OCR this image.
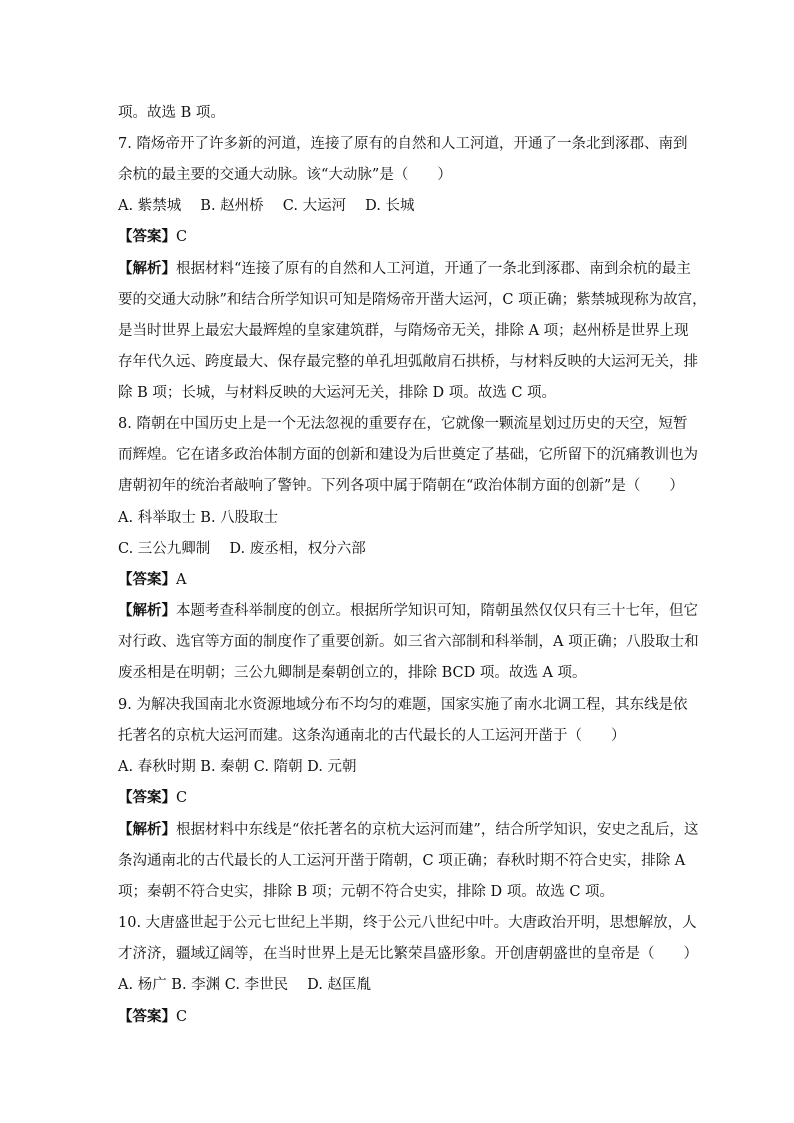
项。故选 B 项。
7. 隋炀帝开了许多新的河道，连接了原有的自然和人工河道，开通了一条北到涿郡、南到
余杭的最主要的交通大动脉。该“大动脉”是（　　）
A. 紫禁城　 B. 赵州桥　 C. 大运河　 D. 长城
【答案】C
【解析】根据材料“连接了原有的自然和人工河道，开通了一条北到涿郡、南到余杭的最主
要的交通大动脉”和结合所学知识可知是隋炀帝开凿大运河，C 项正确；紫禁城现称为故宫，
是当时世界上最宏大最辉煌的皇家建筑群，与隋炀帝无关，排除 A 项；赵州桥是世界上现
存年代久远、跨度最大、保存最完整的单孔坦弧敞肩石拱桥，与材料反映的大运河无关，排
除 B 项；长城，与材料反映的大运河无关，排除 D 项。故选 C 项。
8. 隋朝在中国历史上是一个无法忽视的重要存在，它就像一颗流星划过历史的天空，短暂
而辉煌。它在诸多政治体制方面的创新和建设为后世奠定了基础，它所留下的沉痛教训也为
唐朝初年的统治者敲响了警钟。下列各项中属于隋朝在“政治体制方面的创新”是（　　）
A. 科举取士 B. 八股取士
C. 三公九卿制　 D. 废丞相，权分六部
【答案】A
【解析】本题考查科举制度的创立。根据所学知识可知，隋朝虽然仅仅只有三十七年，但它
对行政、选官等方面的制度作了重要创新。如三省六部制和科举制，A 项正确；八股取士和
废丞相是在明朝；三公九卿制是秦朝创立的，排除 BCD 项。故选 A 项。
9. 为解决我国南北水资源地域分布不均匀的难题，国家实施了南水北调工程，其东线是依
托著名的京杭大运河而建。这条沟通南北的古代最长的人工运河开凿于（　　）
A. 春秋时期 B. 秦朝 C. 隋朝 D. 元朝
【答案】C
【解析】根据材料中东线是“依托著名的京杭大运河而建”，结合所学知识，安史之乱后，这
条沟通南北的古代最长的人工运河开凿于隋朝，C 项正确；春秋时期不符合史实，排除 A
项；秦朝不符合史实，排除 B 项；元朝不符合史实，排除 D 项。故选 C 项。
10. 大唐盛世起于公元七世纪上半期，终于公元八世纪中叶。大唐政治开明，思想解放，人
才济济，疆域辽阔等，在当时世界上是无比繁荣昌盛形象。开创唐朝盛世的皇帝是（　　）
A. 杨广 B. 李渊 C. 李世民　 D. 赵匡胤
【答案】C
